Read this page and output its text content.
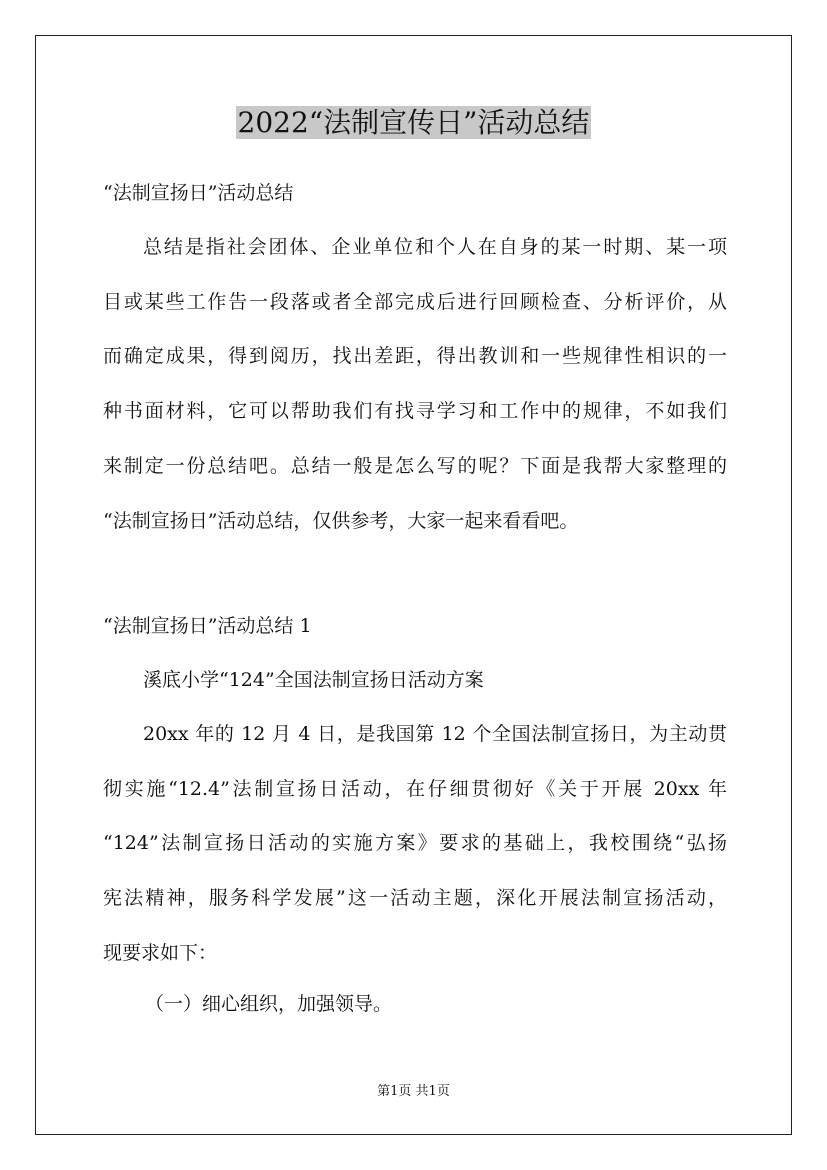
2022“法制宣传日”活动总结

“法制宣扬日”活动总结

总结是指社会团体、企业单位和个人在自身的某一时期、某一项
目或某些工作告一段落或者全部完成后进行回顾检查、分析评价，从
而确定成果，得到阅历，找出差距，得出教训和一些规律性相识的一
种书面材料，它可以帮助我们有找寻学习和工作中的规律，不如我们
来制定一份总结吧。总结一般是怎么写的呢？下面是我帮大家整理的
“法制宣扬日”活动总结，仅供参考，大家一起来看看吧。

“法制宣扬日”活动总结 1

溪底小学“124”全国法制宣扬日活动方案

20xx 年的 12 月 4 日，是我国第 12 个全国法制宣扬日，为主动贯
彻实施“12.4”法制宣扬日活动，在仔细贯彻好《关于开展 20xx 年
“124”法制宣扬日活动的实施方案》要求的基础上，我校围绕“弘扬
宪法精神，服务科学发展”这一活动主题，深化开展法制宣扬活动，
现要求如下：

（一）细心组织，加强领导。

第1页 共1页
